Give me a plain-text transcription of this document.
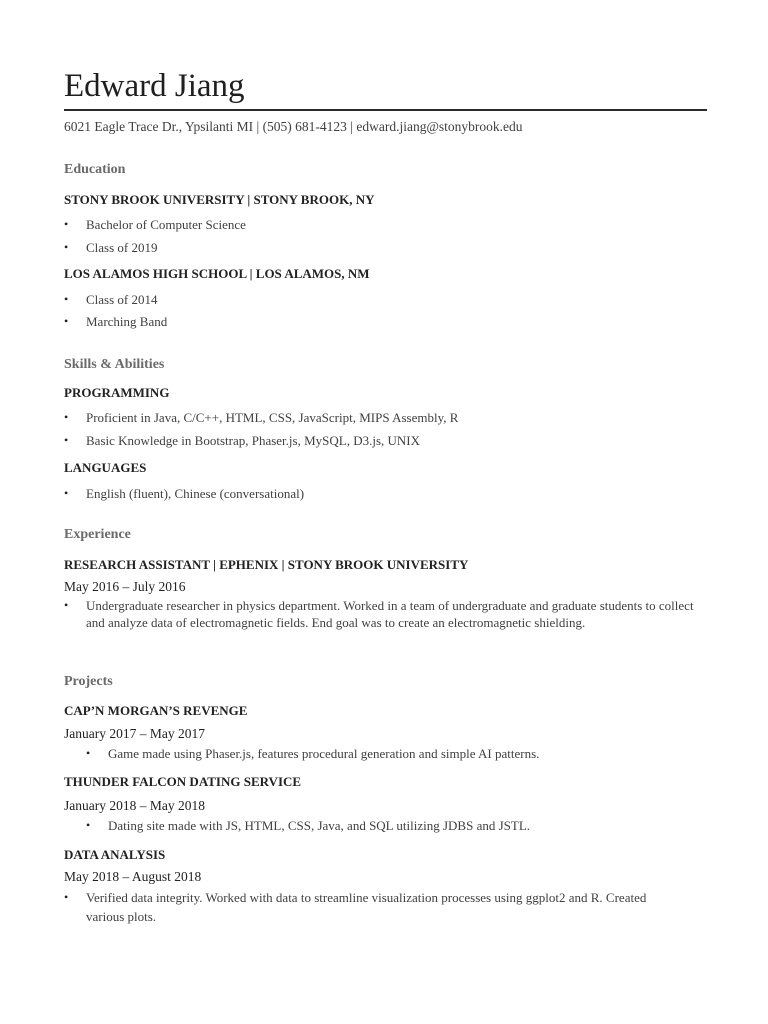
Edward Jiang
6021 Eagle Trace Dr., Ypsilanti MI | (505) 681-4123 | edward.jiang@stonybrook.edu
Education
STONY BROOK UNIVERSITY | STONY BROOK, NY
• Bachelor of Computer Science
• Class of 2019
LOS ALAMOS HIGH SCHOOL | LOS ALAMOS, NM
• Class of 2014
• Marching Band
Skills & Abilities
PROGRAMMING
• Proficient in Java, C/C++, HTML, CSS, JavaScript, MIPS Assembly, R
• Basic Knowledge in Bootstrap, Phaser.js, MySQL, D3.js, UNIX
LANGUAGES
• English (fluent), Chinese (conversational)
Experience
RESEARCH ASSISTANT | EPHENIX | STONY BROOK UNIVERSITY
May 2016 – July 2016
• Undergraduate researcher in physics department. Worked in a team of undergraduate and graduate students to collect and analyze data of electromagnetic fields. End goal was to create an electromagnetic shielding.
Projects
CAP’N MORGAN’S REVENGE
January 2017 – May 2017
• Game made using Phaser.js, features procedural generation and simple AI patterns.
THUNDER FALCON DATING SERVICE
January 2018 – May 2018
• Dating site made with JS, HTML, CSS, Java, and SQL utilizing JDBS and JSTL.
DATA ANALYSIS
May 2018 – August 2018
• Verified data integrity. Worked with data to streamline visualization processes using ggplot2 and R. Created various plots.
